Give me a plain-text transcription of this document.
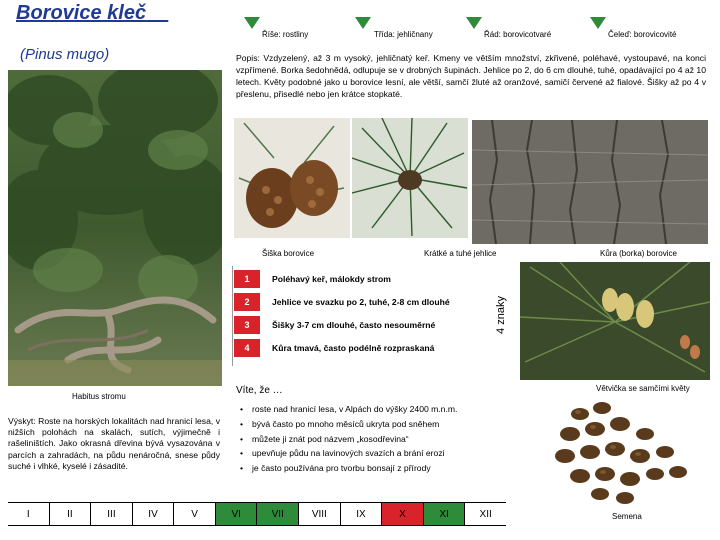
Borovice kleč
(Pinus mugo)
Říše: rostliny	Třída: jehličnany	Řád: borovicotvaré	Čeleď: borovicovité
Popis: Vzdyzelený, až 3 m vysoký, jehličnatý keř. Kmeny ve větším množství, zkřivené, poléhavé, vystoupavé, na konci vzpřímené. Borka šedohnědá, odlupuje se v drobných šupinách. Jehlice po 2, do 6 cm dlouhé, tuhé, opadávající po 4 až 10 letech. Květy podobné jako u borovice lesní, ale větší, samčí žluté až oranžové, samičí červené až fialové. Šišky až po 4 v přeslenu, přisedlé nebo jen krátce stopkaté.
Šiška borovice	Krátké a tuhé jehlice	Kůra (borka) borovice
1	Poléhavý keř, málokdy strom
2	Jehlice ve svazku po 2, tuhé, 2-8 cm dlouhé
3	Šišky 3-7 cm dlouhé, často nesouměrné
4	Kůra tmavá, často podélně rozpraskaná
4 znaky
Větvička se samčími květy
Víte, že …
• roste nad hranicí lesa, v Alpách do výšky 2400 m.n.m.
• bývá často po mnoho měsíců ukryta pod sněhem
• můžete ji znát pod názvem „kosodřevina“
• upevňuje půdu na lavinových svazích a brání erozi
• je často používána pro tvorbu bonsají z přírody
Habitus stromu
Výskyt: Roste na horských lokalitách nad hranicí lesa, v nižších polohách na skalách, sutích, výjimečně i rašeliništích. Jako okrasná dřevina bývá vysazována v parcích a zahradách, na půdu nenáročná, snese půdy suché i vlhké, kyselé i zásadité.
Semena
I	II	III	IV	V	VI	VII	VIII	IX	X	XI	XII
